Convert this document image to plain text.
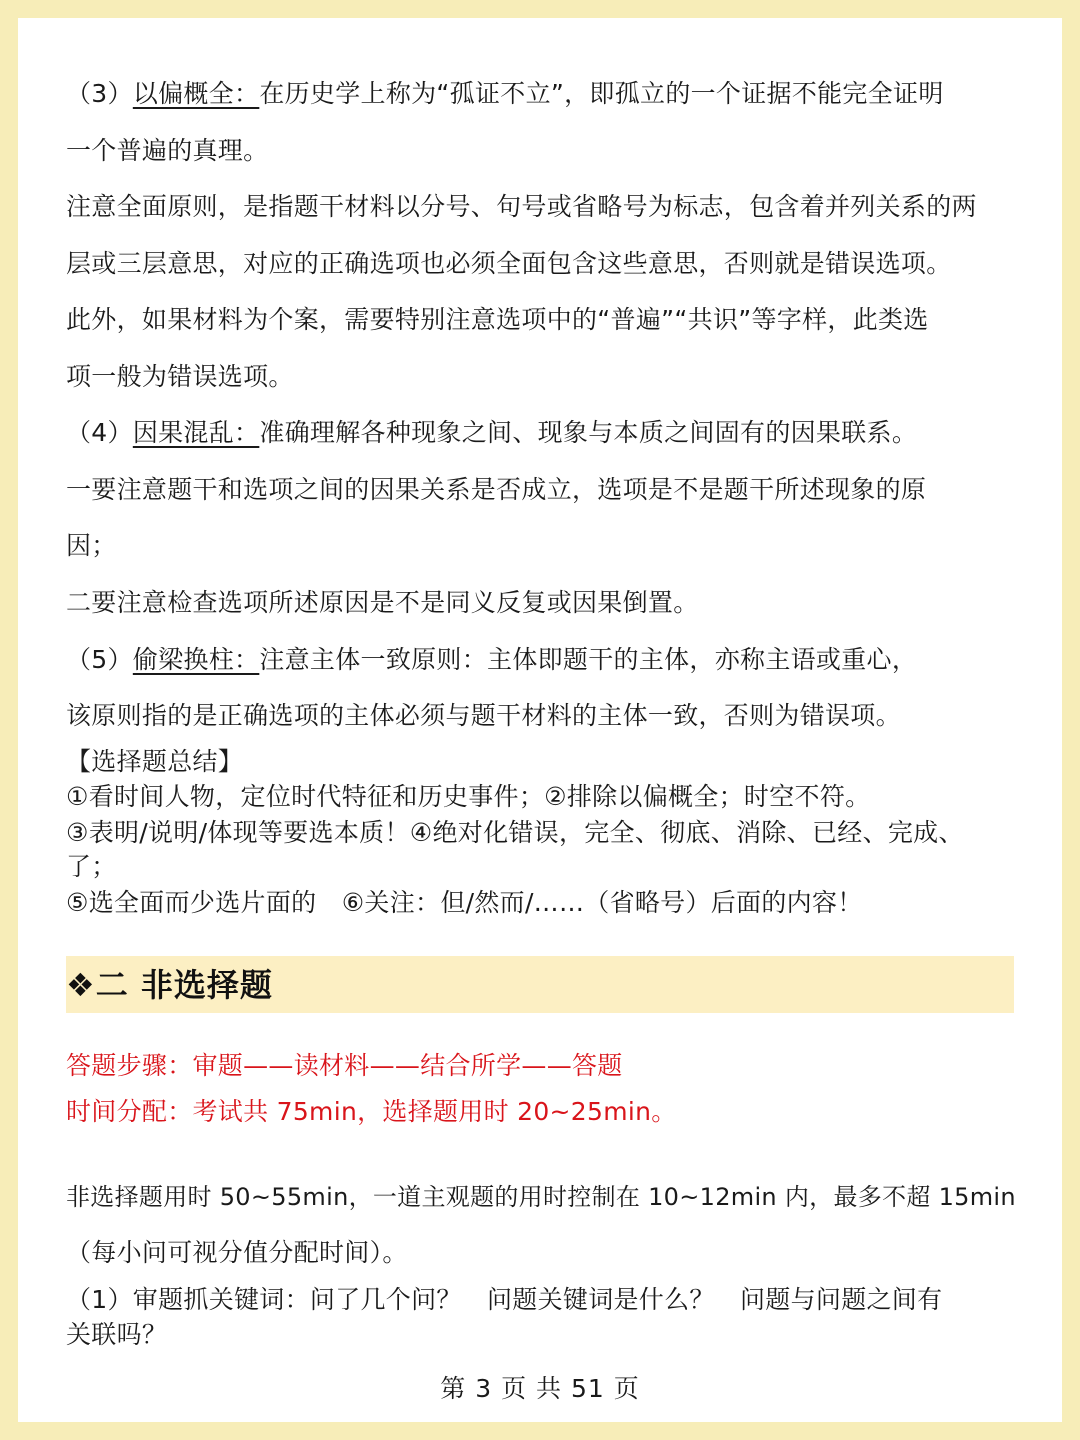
（3）以偏概全：在历史学上称为“孤证不立”，即孤立的一个证据不能完全证明
一个普遍的真理。
注意全面原则，是指题干材料以分号、句号或省略号为标志，包含着并列关系的两
层或三层意思，对应的正确选项也必须全面包含这些意思，否则就是错误选项。
此外，如果材料为个案，需要特别注意选项中的“普遍”“共识”等字样，此类选
项一般为错误选项。
（4）因果混乱：准确理解各种现象之间、现象与本质之间固有的因果联系。
一要注意题干和选项之间的因果关系是否成立，选项是不是题干所述现象的原
因；
二要注意检查选项所述原因是不是同义反复或因果倒置。
（5）偷梁换柱：注意主体一致原则：主体即题干的主体，亦称主语或重心，
该原则指的是正确选项的主体必须与题干材料的主体一致，否则为错误项。
【选择题总结】
①看时间人物，定位时代特征和历史事件；②排除以偏概全；时空不符。
③表明/说明/体现等要选本质！④绝对化错误，完全、彻底、消除、已经、完成、
了；
⑤选全面而少选片面的　⑥关注：但/然而/……（省略号）后面的内容！
❖二 非选择题
答题步骤：审题——读材料——结合所学——答题
时间分配：考试共 75min，选择题用时 20~25min。
非选择题用时 50~55min，一道主观题的用时控制在 10~12min 内，最多不超 15min
（每小问可视分值分配时间）。
（1）审题抓关键词：问了几个问？　问题关键词是什么？　问题与问题之间有
关联吗？
第 3 页 共 51 页
